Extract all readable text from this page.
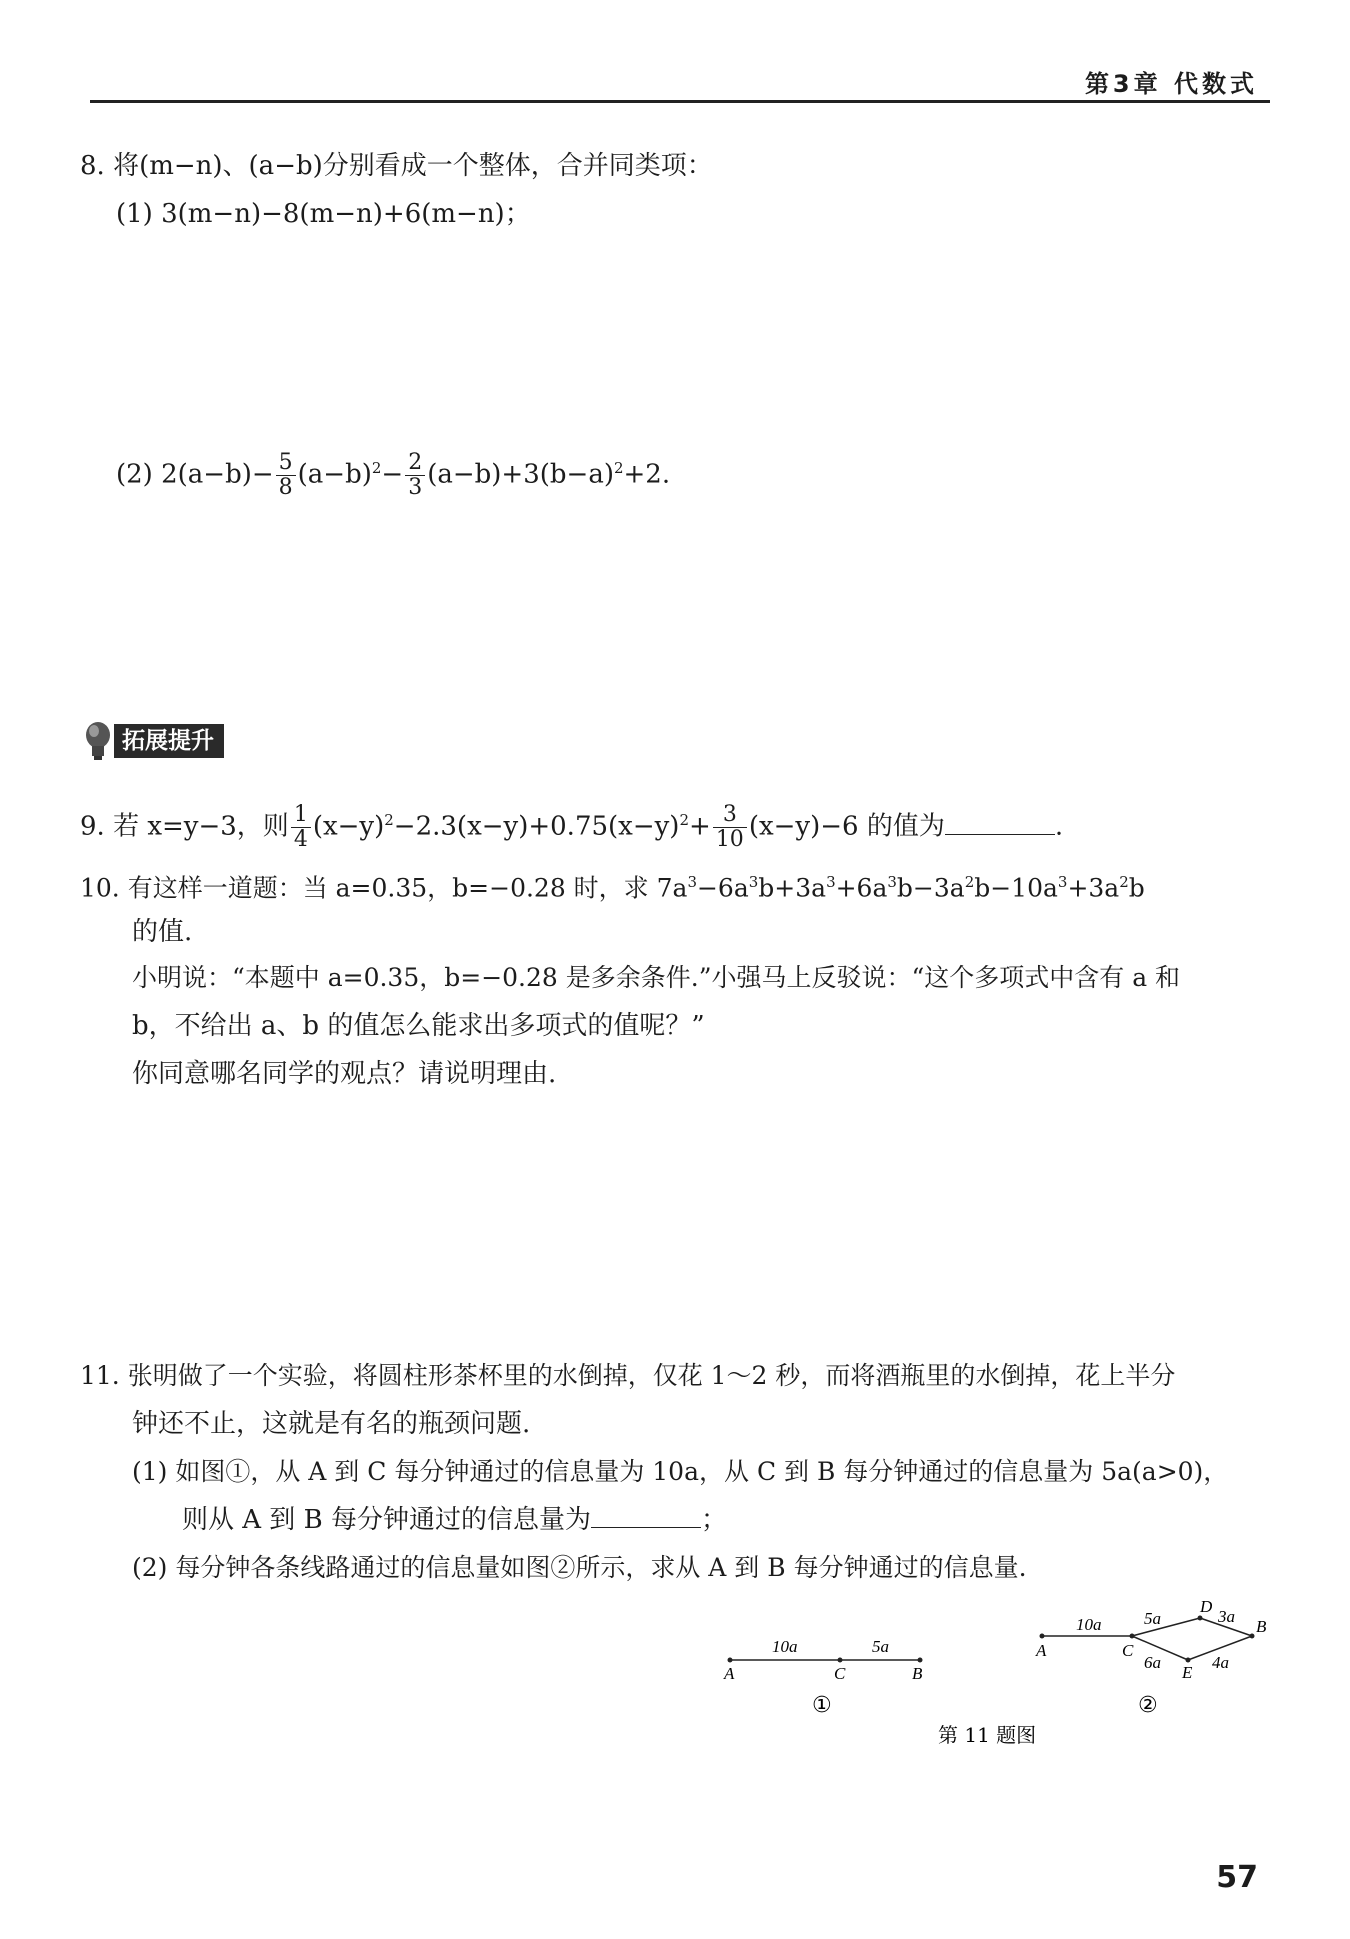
第3章 代数式
8. 将(m−n)、(a−b)分别看成一个整体，合并同类项：
(1) 3(m−n)−8(m−n)+6(m−n)；
(2) $2(a-b)- \frac{5}{8} (a-b)^2- \frac{2}{3} (a-b)+3(b-a)^2+2$.
拓展提升
9. 若 x=y−3，则 $\frac{1}{4} (x-y)^2-2.3(x-y)+0.75(x-y)^2+ \frac{3}{10} (x-y)-6$ 的值为	.
10. 有这样一道题：当 a=0.35，b=−0.28 时，求 $7a^3-6a^3b+3a^3+6a^3b-3a^2b-10a^3+3a^2b$
的值.
小明说：“本题中 a=0.35，b=−0.28 是多余条件.”小强马上反驳说：“这个多项式中含有 a 和
b，不给出 a、b 的值怎么能求出多项式的值呢？”
你同意哪名同学的观点？请说明理由.
11. 张明做了一个实验，将圆柱形茶杯里的水倒掉，仅花 1～2 秒，而将酒瓶里的水倒掉，花上半分
钟还不止，这就是有名的瓶颈问题.
(1) 如图①，从 A 到 C 每分钟通过的信息量为 10a，从 C 到 B 每分钟通过的信息量为 5a(a>0)，
则从 A 到 B 每分钟通过的信息量为	；
(2) 每分钟各条线路通过的信息量如图②所示，求从 A 到 B 每分钟通过的信息量.
10a	5a
A	C	B
①
10a	5a	3a
6a	4a
A	C
D
E
B
②
第 11 题图
57
